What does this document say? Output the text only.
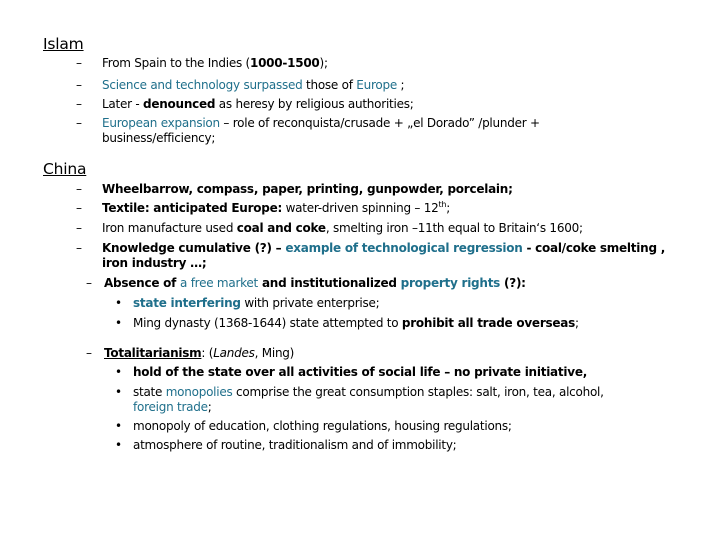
Islam
– From Spain to the Indies (1000-1500);
– Science and technology surpassed those of Europe ;
– Later - denounced as heresy by religious authorities;
– European expansion – role of reconquista/crusade + „el Dorado” /plunder +
business/efficiency;
China
– Wheelbarrow, compass, paper, printing, gunpowder, porcelain;
– Textile: anticipated Europe: water-driven spinning – 12th;
– Iron manufacture used coal and coke, smelting iron –11th equal to Britain‘s 1600;
– Knowledge cumulative (?) – example of technological regression - coal/coke smelting ,
iron industry …;
– Absence of a free market and institutionalized property rights (?):
• state interfering with private enterprise;
• Ming dynasty (1368-1644) state attempted to prohibit all trade overseas;
– Totalitarianism: (Landes, Ming)
• hold of the state over all activities of social life – no private initiative,
• state monopolies comprise the great consumption staples: salt, iron, tea, alcohol,
foreign trade;
• monopoly of education, clothing regulations, housing regulations;
• atmosphere of routine, traditionalism and of immobility;
